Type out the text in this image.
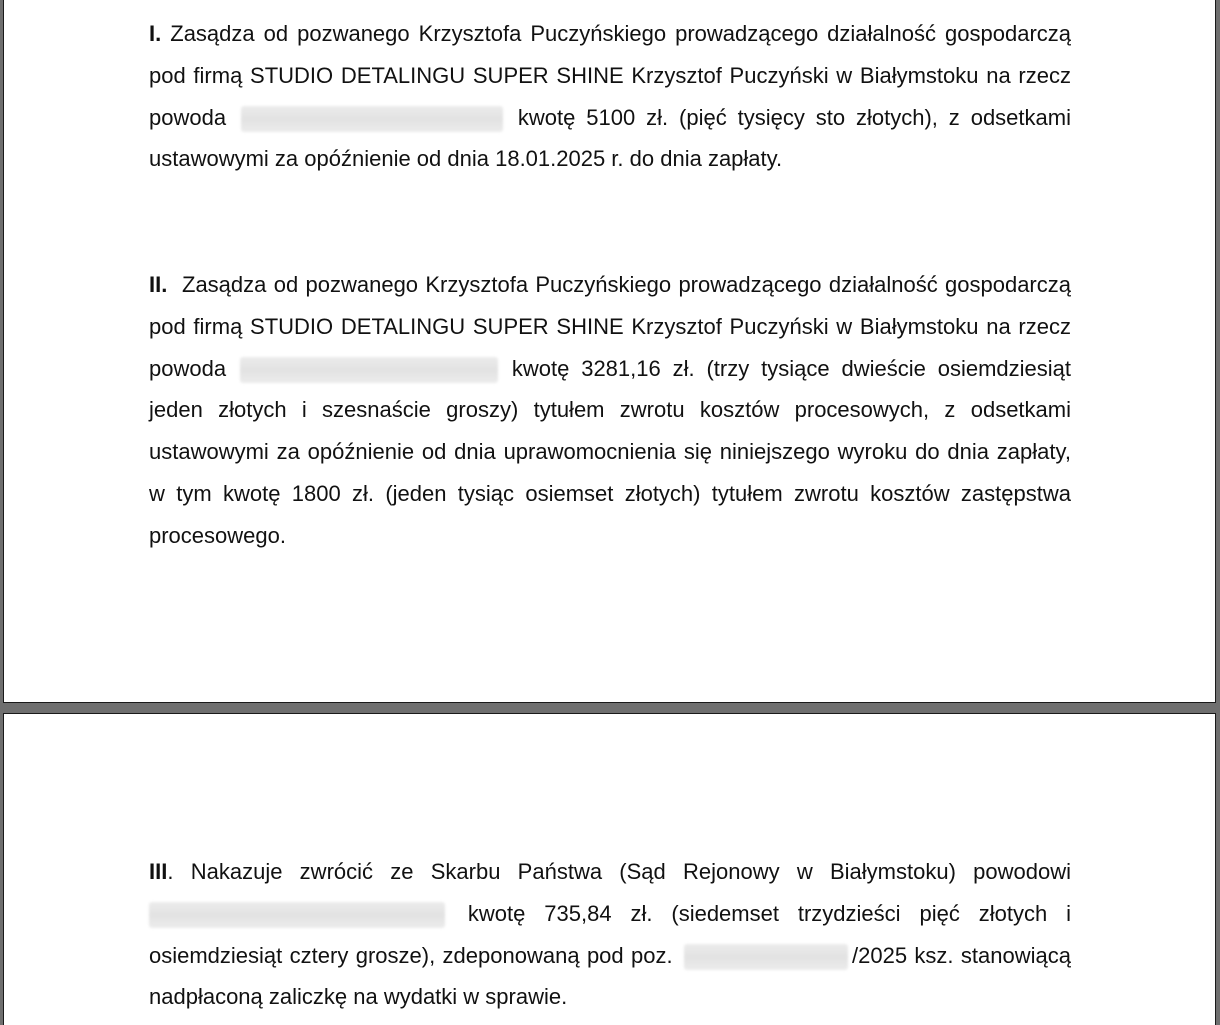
I. Zasądza od pozwanego Krzysztofa Puczyńskiego prowadzącego działalność gospodarczą pod firmą STUDIO DETALINGU SUPER SHINE Krzysztof Puczyński w Białymstoku na rzecz powoda	kwotę 5100 zł. (pięć tysięcy sto złotych), z odsetkami ustawowymi za opóźnienie od dnia 18.01.2025 r. do dnia zapłaty.

II. Zasądza od pozwanego Krzysztofa Puczyńskiego prowadzącego działalność gospodarczą pod firmą STUDIO DETALINGU SUPER SHINE Krzysztof Puczyński w Białymstoku na rzecz powoda	kwotę 3281,16 zł. (trzy tysiące dwieście osiemdziesiąt jeden złotych i szesnaście groszy) tytułem zwrotu kosztów procesowych, z odsetkami ustawowymi za opóźnienie od dnia uprawomocnienia się niniejszego wyroku do dnia zapłaty, w tym kwotę 1800 zł. (jeden tysiąc osiemset złotych) tytułem zwrotu kosztów zastępstwa procesowego.

III. Nakazuje zwrócić ze Skarbu Państwa (Sąd Rejonowy w Białymstoku) powodowi  kwotę 735,84 zł. (siedemset trzydzieści pięć złotych i osiemdziesiąt cztery grosze), zdeponowaną pod poz.	/2025 ksz. stanowiącą nadpłaconą zaliczkę na wydatki w sprawie.
